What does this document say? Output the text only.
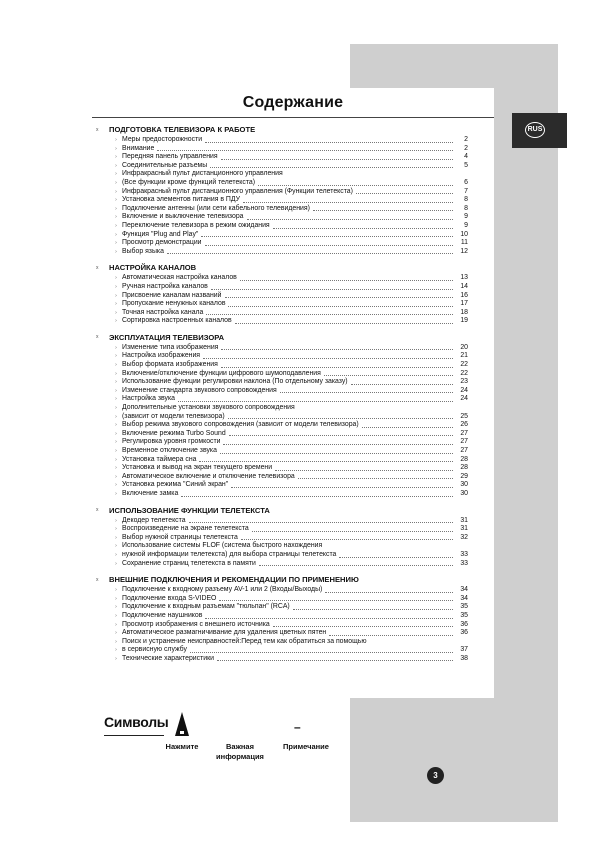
Содержание
RUS
x	ПОДГОТОВКА ТЕЛЕВИЗОРА К РАБОТЕ
› Меры предосторожности	2
› Внимание	2
› Передняя панель управления	4
› Соединительные разъемы	5
› Инфракрасный пульт дистанционного управления
› (Все функции кроме функций телетекста)	6
› Инфракрасный пульт дистанционного управления (Функции телетекста)	7
› Установка элементов питания в ПДУ	8
› Подключение антенны (или сети кабельного телевидения)	8
› Включение и выключение телевизора	9
› Переключение телевизора в режим ожидания	9
› Функция "Plug and Play"	10
› Просмотр демонстрации	11
› Выбор языка	12
x	НАСТРОЙКА КАНАЛОВ
› Автоматическая настройка каналов	13
› Ручная настройка каналов	14
› Присвоение каналам названий	16
› Пропускание ненужных каналов	17
› Точная настройка канала	18
› Сортировка настроенных каналов	19
x	ЭКСПЛУАТАЦИЯ ТЕЛЕВИЗОРА
› Изменение типа изображения	20
› Настройка изображения	21
› Выбор формата изображения	22
› Включение/отключение функции цифрового шумоподавления	22
› Использование функции регулировки наклона (По отдельному заказу)	23
› Изменение стандарта звукового сопровождения	24
› Настройка звука	24
› Дополнительные установки звукового сопровождения
› (зависит от модели телевизора)	25
› Выбор режима звукового сопровождения (зависит от модели телевизора)	26
› Включение режима Turbo Sound	27
› Регулировка уровня громкости	27
› Временное отключение звука	27
› Установка таймера сна	28
› Установка и вывод на экран текущего времени	28
› Автоматическое включение и отключение телевизора	29
› Установка режима "Синий экран"	30
› Включение замка	30
x	ИСПОЛЬЗОВАНИЕ ФУНКЦИИ ТЕЛЕТЕКСТА
› Декодер телетекста	31
› Воспроизведение на экране телетекста	31
› Выбор нужной страницы телетекста	32
› Использование системы FLOF (система быстрого нахождения
› нужной информации телетекста) для выбора страницы телетекста	33
› Сохранение страниц телетекста в памяти	33
x	ВНЕШНИЕ ПОДКЛЮЧЕНИЯ И РЕКОМЕНДАЦИИ ПО ПРИМЕНЕНИЮ
› Подключение к входному разъему AV-1 или 2 (Входы/Выходы)	34
› Подключение входа S-VIDEO	34
› Подключение к входным разъемам "тюльпан" (RCA)	35
› Подключение наушников	35
› Просмотр изображения с внешнего источника	36
› Автоматическое размагничивание для удаления цветных пятен	36
› Поиск и устранение неисправностей:Перед тем как обратиться за помощью
› в сервисную службу	37
› Технические характеристики	38
Символы	–
Нажмите	Важная
информация
Примечание
3
